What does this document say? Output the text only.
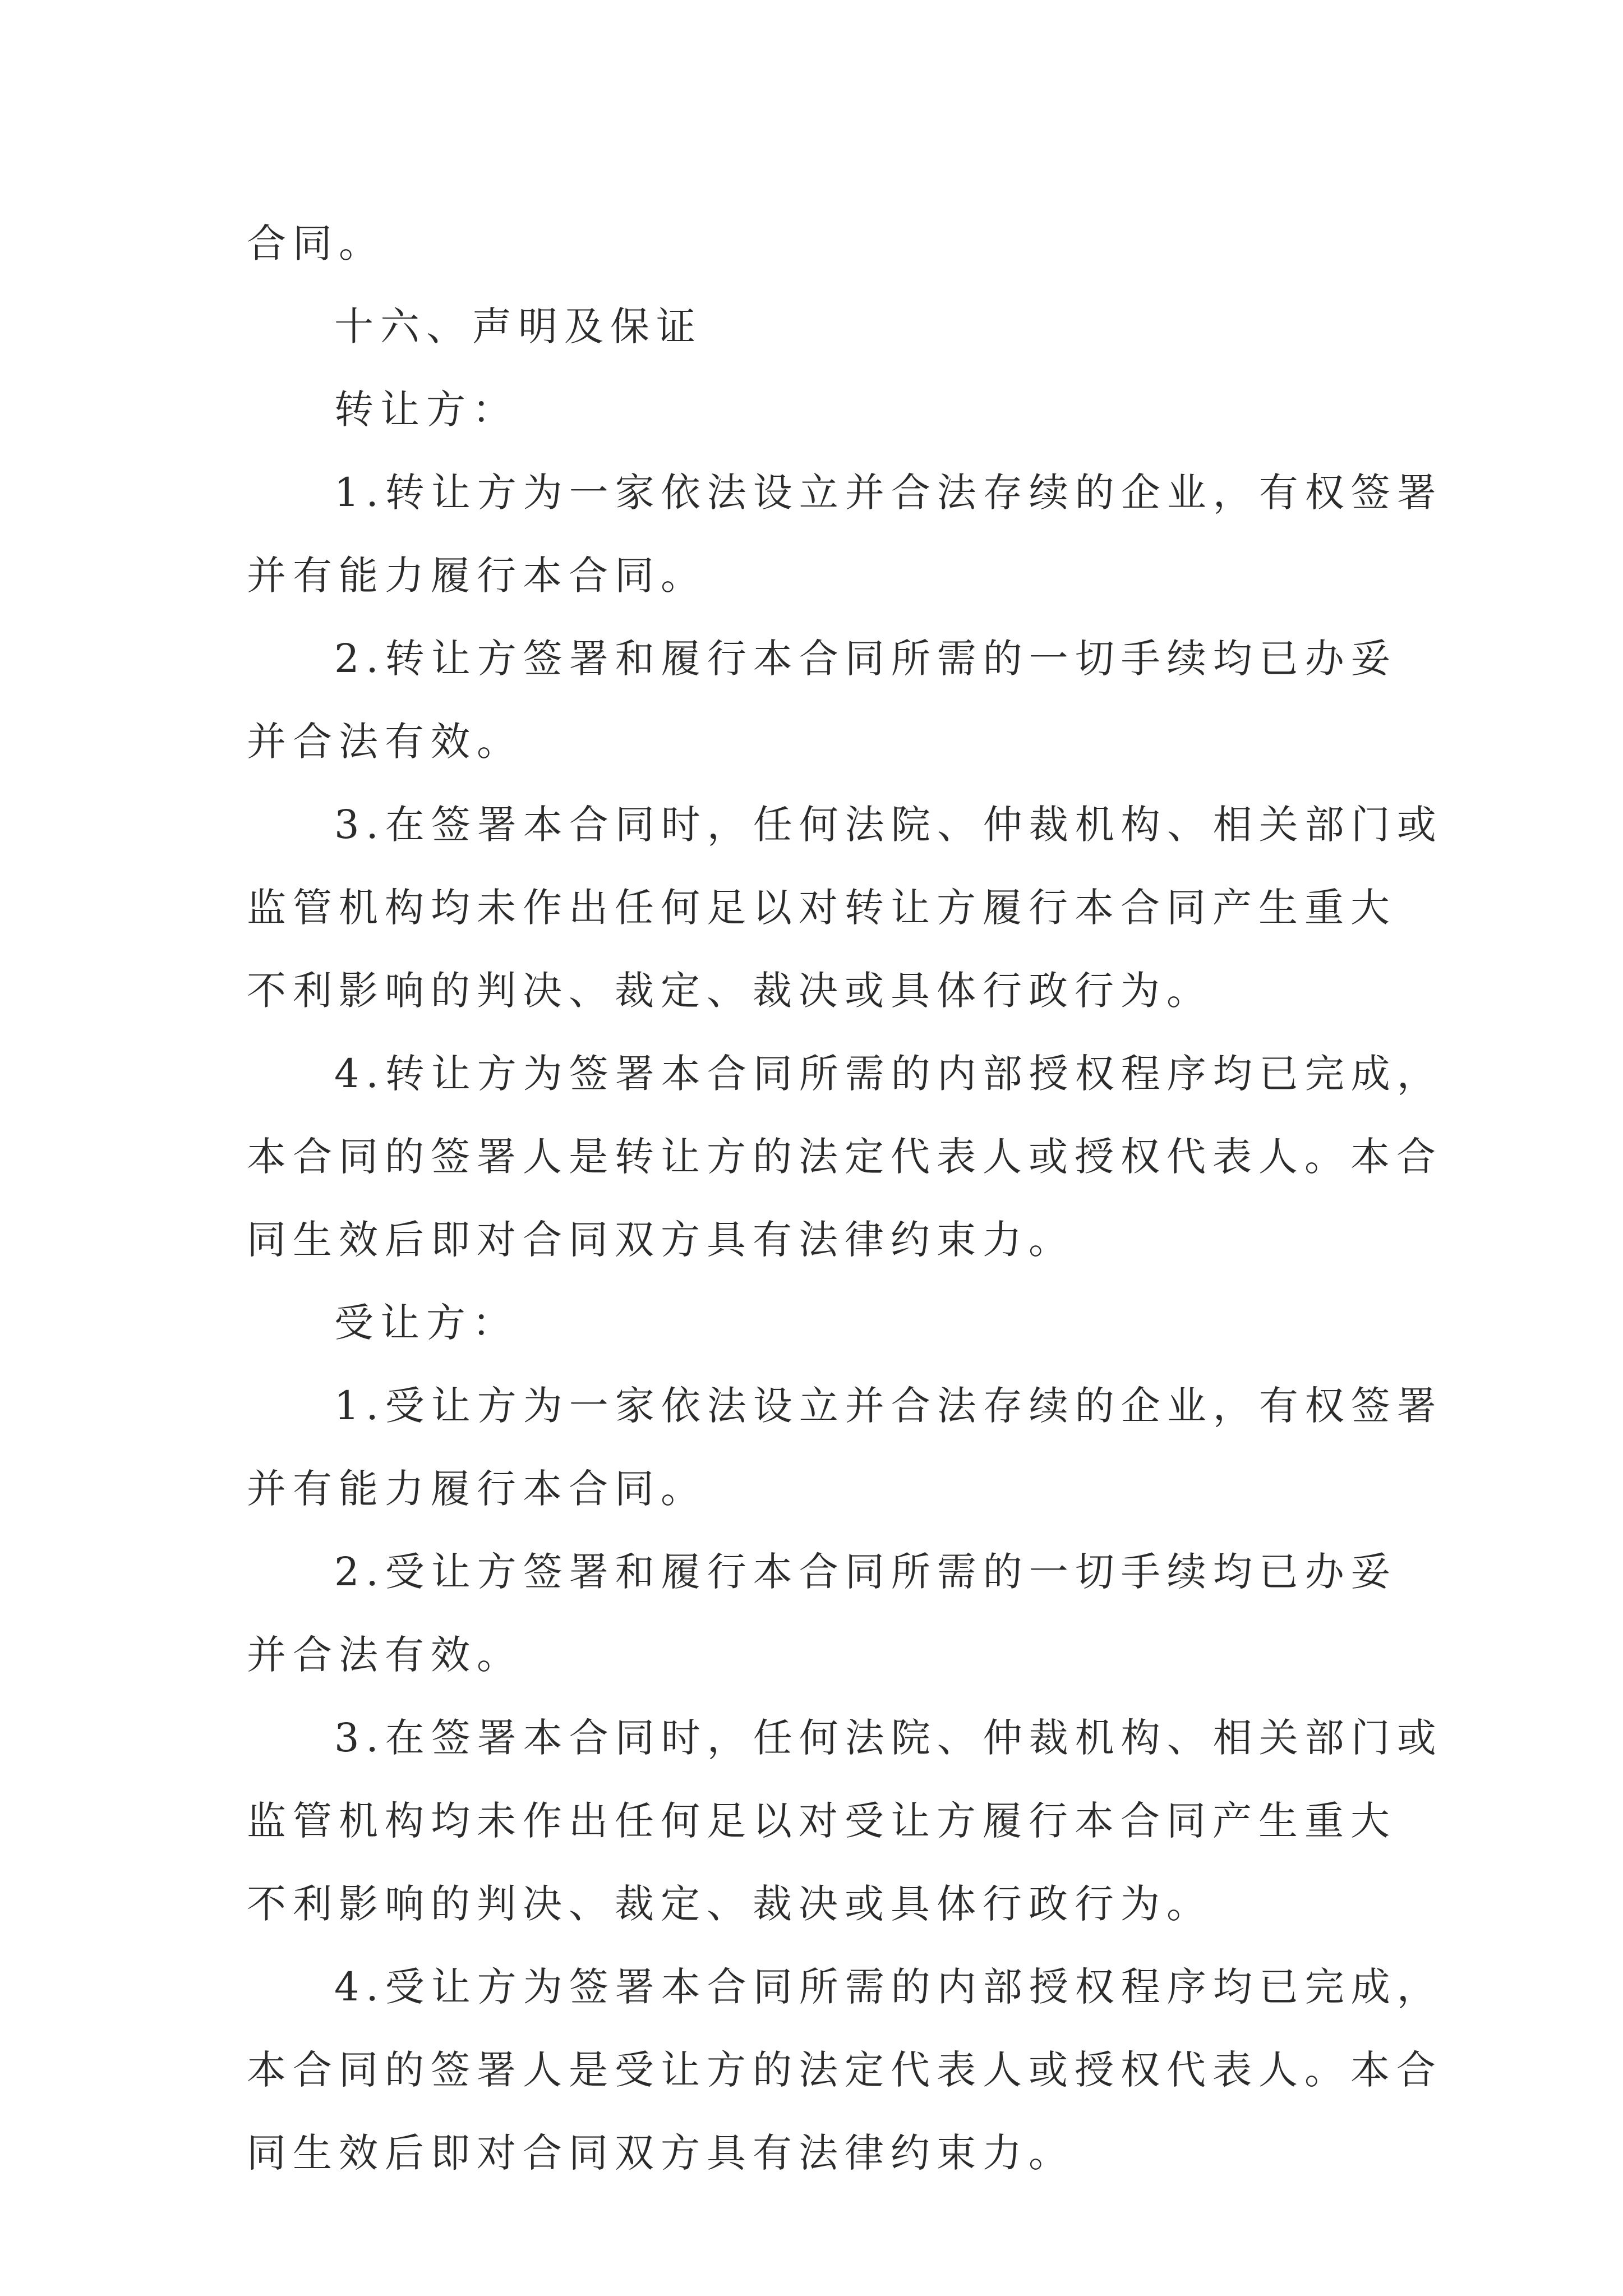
合同。

十六、声明及保证

转让方：

1.转让方为一家依法设立并合法存续的企业，有权签署

并有能力履行本合同。

2.转让方签署和履行本合同所需的一切手续均已办妥

并合法有效。

3.在签署本合同时，任何法院、仲裁机构、相关部门或

监管机构均未作出任何足以对转让方履行本合同产生重大

不利影响的判决、裁定、裁决或具体行政行为。

4.转让方为签署本合同所需的内部授权程序均已完成，

本合同的签署人是转让方的法定代表人或授权代表人。本合

同生效后即对合同双方具有法律约束力。

受让方：

1.受让方为一家依法设立并合法存续的企业，有权签署

并有能力履行本合同。

2.受让方签署和履行本合同所需的一切手续均已办妥

并合法有效。

3.在签署本合同时，任何法院、仲裁机构、相关部门或

监管机构均未作出任何足以对受让方履行本合同产生重大

不利影响的判决、裁定、裁决或具体行政行为。

4.受让方为签署本合同所需的内部授权程序均已完成，

本合同的签署人是受让方的法定代表人或授权代表人。本合

同生效后即对合同双方具有法律约束力。
